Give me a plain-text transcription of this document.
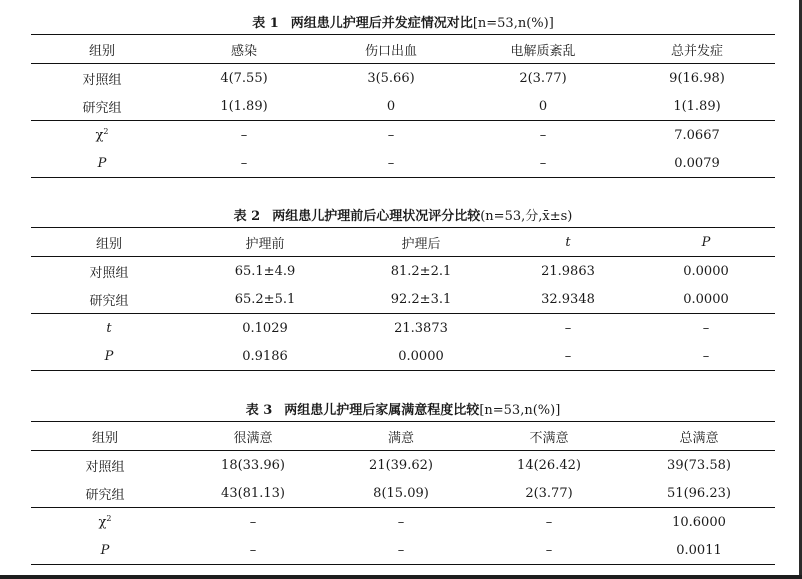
表 1 两组患儿护理后并发症情况对比[n=53,n(%)]
组别	感染	伤口出血	电解质紊乱	总并发症
对照组	4(7.55)	3(5.66)	2(3.77)	9(16.98)
研究组	1(1.89)	0	0	1(1.89)
$\chi^2$	–	–	–	7.0667
P	–	–	–	0.0079
表 2 两组患儿护理前后心理状况评分比较(n=53,分,x̄±s)
组别	护理前	护理后	t	P
对照组	65.1±4.9	81.2±2.1	21.9863	0.0000
研究组	65.2±5.1	92.2±3.1	32.9348	0.0000
t	0.1029	21.3873	–	–
P	0.9186	0.0000	–	–
表 3 两组患儿护理后家属满意程度比较[n=53,n(%)]
组别	很满意	满意	不满意	总满意
对照组	18(33.96)	21(39.62)	14(26.42)	39(73.58)
研究组	43(81.13)	8(15.09)	2(3.77)	51(96.23)
$\chi^2$	–	–	–	10.6000
P	–	–	–	0.0011
